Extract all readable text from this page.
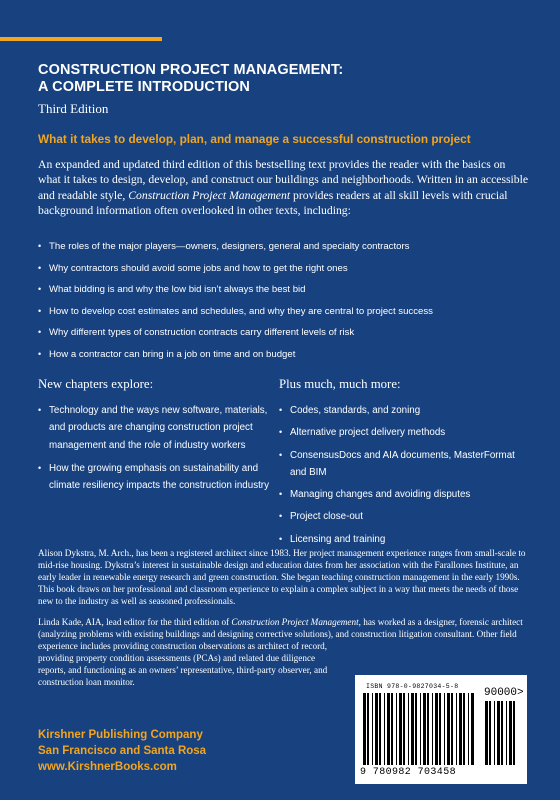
CONSTRUCTION PROJECT MANAGEMENT:
A COMPLETE INTRODUCTION
Third Edition
What it takes to develop, plan, and manage a successful construction project
An expanded and updated third edition of this bestselling text provides the reader with the basics on what it takes to design, develop, and construct our buildings and neighborhoods. Written in an accessible and readable style, Construction Project Management provides readers at all skill levels with crucial background information often overlooked in other texts, including:
• The roles of the major players—owners, designers, general and specialty contractors
• Why contractors should avoid some jobs and how to get the right ones
• What bidding is and why the low bid isn’t always the best bid
• How to develop cost estimates and schedules, and why they are central to project success
• Why different types of construction contracts carry different levels of risk
• How a contractor can bring in a job on time and on budget
New chapters explore:
• Technology and the ways new software, materials, and products are changing construction project management and the role of industry workers
• How the growing emphasis on sustainability and climate resiliency impacts the construction industry
Plus much, much more:
• Codes, standards, and zoning
• Alternative project delivery methods
• ConsensusDocs and AIA documents, MasterFormat and BIM
• Managing changes and avoiding disputes
• Project close-out
• Licensing and training
Alison Dykstra, M. Arch., has been a registered architect since 1983. Her project management experience ranges from small-scale to mid-rise housing. Dykstra’s interest in sustainable design and education dates from her association with the Farallones Institute, an early leader in renewable energy research and green construction. She began teaching construction management in the early 1990s. This book draws on her professional and classroom experience to explain a complex subject in a way that meets the needs of those new to the industry as well as seasoned professionals.
Linda Kade, AIA, lead editor for the third edition of Construction Project Management, has worked as a designer, forensic architect (analyzing problems with existing buildings and designing corrective solutions), and construction litigation consultant. Other field experience includes providing construction observations as architect of record,
providing property condition assessments (PCAs) and related due diligence reports, and functioning as an owners’ representative, third-party observer, and construction loan monitor.	ISBN 978-0-9827034-5-8
90000>
9 780982 703458
Kirshner Publishing Company
San Francisco and Santa Rosa
www.KirshnerBooks.com
